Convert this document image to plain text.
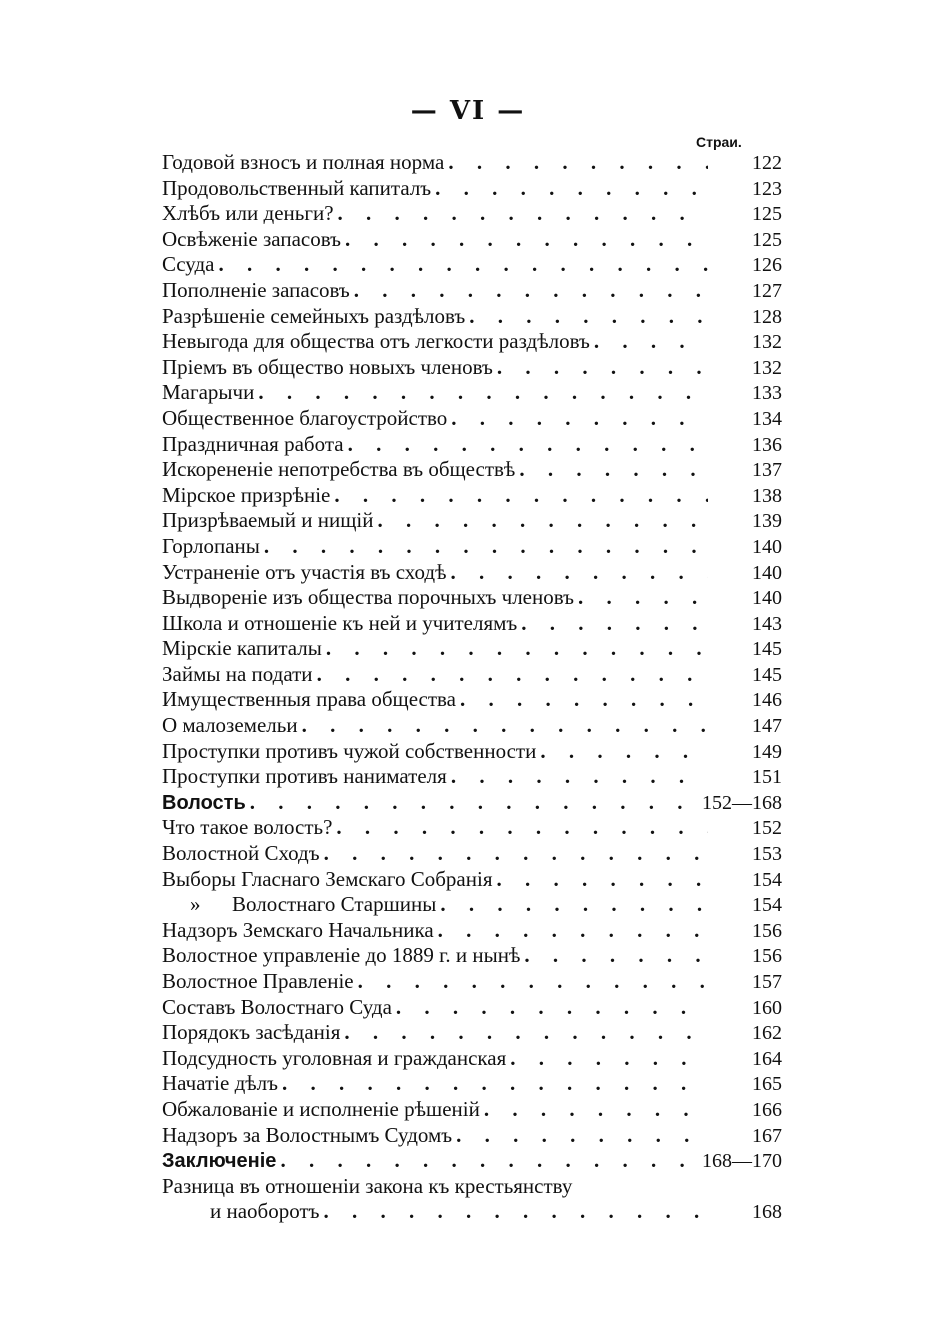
— VI —
Страи.
Годовой взносъ и полная норма . . .	122
Продовольственный капиталъ . . .	123
Хлѣбъ или деньги? . . .	125
Освѣженіе запасовъ . . .	125
Ссуда . . .	126
Пополненіе запасовъ . . .	127
Разрѣшеніе семейныхъ раздѣловъ . . .	128
Невыгода для общества отъ легкости раздѣловъ . . .	132
Пріемъ въ общество новыхъ членовъ . . .	132
Магарычи . . .	133
Общественное благоустройство . . .	134
Праздничная работа . . .	136
Искорененіе непотребства въ обществѣ . . .	137
Мірское призрѣніе . . .	138
Призрѣваемый и нищій . . .	139
Горлопаны . . .	140
Устраненіе отъ участія въ сходѣ . . .	140
Выдвореніе изъ общества порочныхъ членовъ . . .	140
Школа и отношеніе къ ней и учителямъ . . .	143
Мірскіе капиталы . . .	145
Займы на подати . . .	145
Имущественныя права общества . . .	146
О малоземельи . . .	147
Проступки противъ чужой собственности . . .	149
Проступки противъ нанимателя . . .	151
Волость . . .	152—168
Что такое волость? . . .	152
Волостной Сходъ . . .	153
Выборы Гласнаго Земскаго Собранія . . .	154
»      Волостнаго Старшины . . .	154
Надзоръ Земскаго Начальника . . .	156
Волостное управленіе до 1889 г. и нынѣ . . .	156
Волостное Правленіе . . .	157
Составъ Волостнаго Суда . . .	160
Порядокъ засѣданія . . .	162
Подсудность уголовная и гражданская . . .	164
Начатіе дѣлъ . . .	165
Обжалованіе и исполненіе рѣшеній . . .	166
Надзоръ за Волостнымъ Судомъ . . .	167
Заключеніе . . .	168—170
Разница въ отношеніи закона къ крестьянству
и наоборотъ . . .	168
